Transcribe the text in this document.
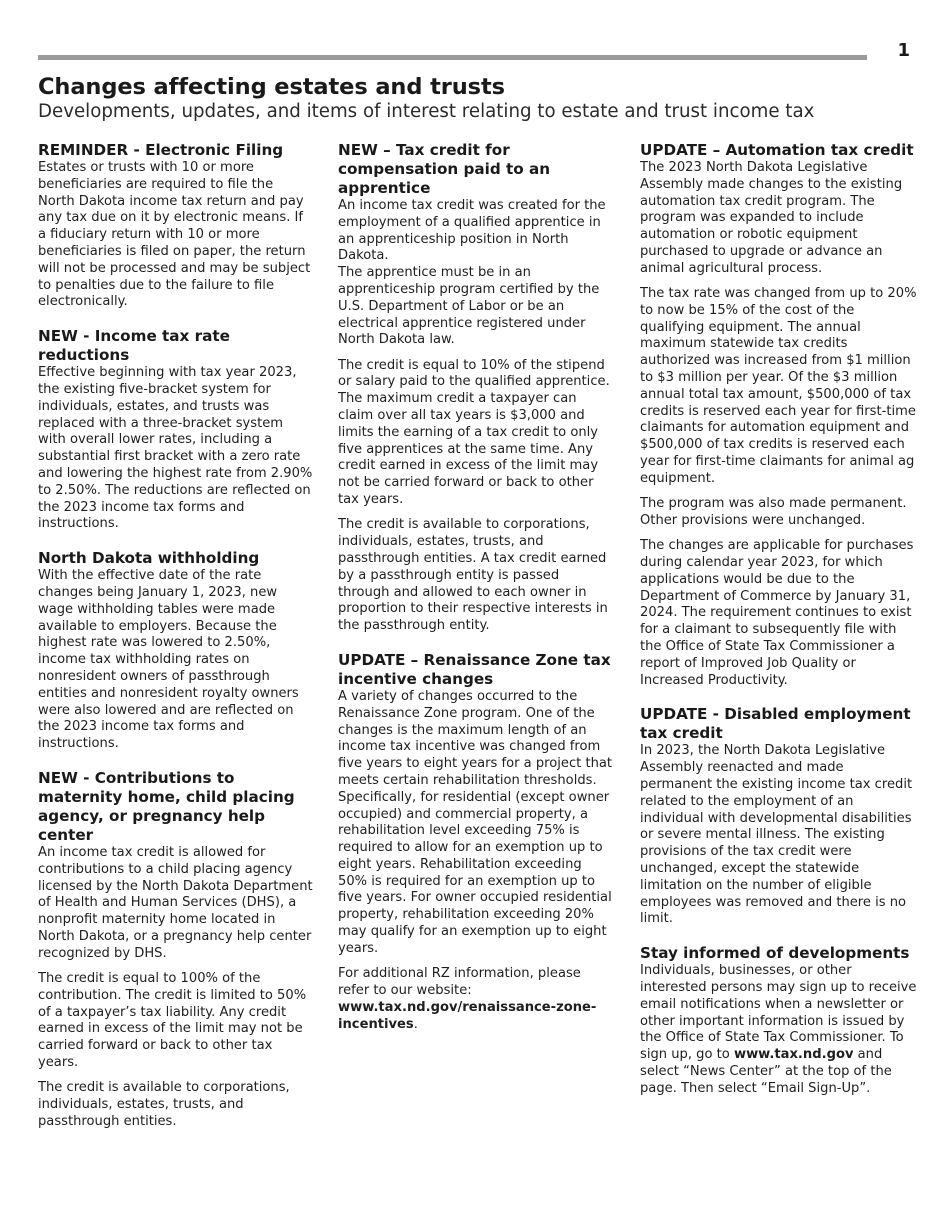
1
Changes affecting estates and trusts
Developments, updates, and items of interest relating to estate and trust income tax
REMINDER - Electronic Filing

Estates or trusts with 10 or more beneficiaries are required to file the North Dakota income tax return and pay any tax due on it by electronic means. If a fiduciary return with 10 or more beneficiaries is filed on paper, the return will not be processed and may be subject to penalties due to the failure to file electronically.

NEW - Income tax rate reductions

Effective beginning with tax year 2023, the existing five-bracket system for individuals, estates, and trusts was replaced with a three-bracket system with overall lower rates, including a substantial first bracket with a zero rate and lowering the highest rate from 2.90% to 2.50%. The reductions are reflected on the 2023 income tax forms and instructions.

North Dakota withholding

With the effective date of the rate changes being January 1, 2023, new wage withholding tables were made available to employers. Because the highest rate was lowered to 2.50%, income tax withholding rates on nonresident owners of passthrough entities and nonresident royalty owners were also lowered and are reflected on the 2023 income tax forms and instructions.

NEW - Contributions to maternity home, child placing agency, or pregnancy help center

An income tax credit is allowed for contributions to a child placing agency licensed by the North Dakota Department of Health and Human Services (DHS), a nonprofit maternity home located in North Dakota, or a pregnancy help center recognized by DHS.

The credit is equal to 100% of the contribution. The credit is limited to 50% of a taxpayer’s tax liability. Any credit earned in excess of the limit may not be carried forward or back to other tax years.

The credit is available to corporations, individuals, estates, trusts, and passthrough entities.

NEW – Tax credit for compensation paid to an apprentice

An income tax credit was created for the employment of a qualified apprentice in an apprenticeship position in North Dakota.

The apprentice must be in an apprenticeship program certified by the U.S. Department of Labor or be an electrical apprentice registered under North Dakota law.

The credit is equal to 10% of the stipend or salary paid to the qualified apprentice. The maximum credit a taxpayer can claim over all tax years is $3,000 and limits the earning of a tax credit to only five apprentices at the same time. Any credit earned in excess of the limit may not be carried forward or back to other tax years.

The credit is available to corporations, individuals, estates, trusts, and passthrough entities. A tax credit earned by a passthrough entity is passed through and allowed to each owner in proportion to their respective interests in the passthrough entity.

UPDATE – Renaissance Zone tax incentive changes

A variety of changes occurred to the Renaissance Zone program. One of the changes is the maximum length of an income tax incentive was changed from five years to eight years for a project that meets certain rehabilitation thresholds. Specifically, for residential (except owner occupied) and commercial property, a rehabilitation level exceeding 75% is required to allow for an exemption up to eight years. Rehabilitation exceeding 50% is required for an exemption up to five years. For owner occupied residential property, rehabilitation exceeding 20% may qualify for an exemption up to eight years.

For additional RZ information, please refer to our website: www.tax.nd.gov/renaissance-zone-incentives.

UPDATE – Automation tax credit

The 2023 North Dakota Legislative Assembly made changes to the existing automation tax credit program. The program was expanded to include automation or robotic equipment purchased to upgrade or advance an animal agricultural process.

The tax rate was changed from up to 20% to now be 15% of the cost of the qualifying equipment. The annual maximum statewide tax credits authorized was increased from $1 million to $3 million per year. Of the $3 million annual total tax amount, $500,000 of tax credits is reserved each year for first-time claimants for automation equipment and $500,000 of tax credits is reserved each year for first-time claimants for animal ag equipment.

The program was also made permanent. Other provisions were unchanged.

The changes are applicable for purchases during calendar year 2023, for which applications would be due to the Department of Commerce by January 31, 2024. The requirement continues to exist for a claimant to subsequently file with the Office of State Tax Commissioner a report of Improved Job Quality or Increased Productivity.

UPDATE - Disabled employment tax credit

In 2023, the North Dakota Legislative Assembly reenacted and made permanent the existing income tax credit related to the employment of an individual with developmental disabilities or severe mental illness. The existing provisions of the tax credit were unchanged, except the statewide limitation on the number of eligible employees was removed and there is no limit.

Stay informed of developments

Individuals, businesses, or other interested persons may sign up to receive email notifications when a newsletter or other important information is issued by the Office of State Tax Commissioner. To sign up, go to www.tax.nd.gov and select “News Center” at the top of the page. Then select “Email Sign-Up”.
